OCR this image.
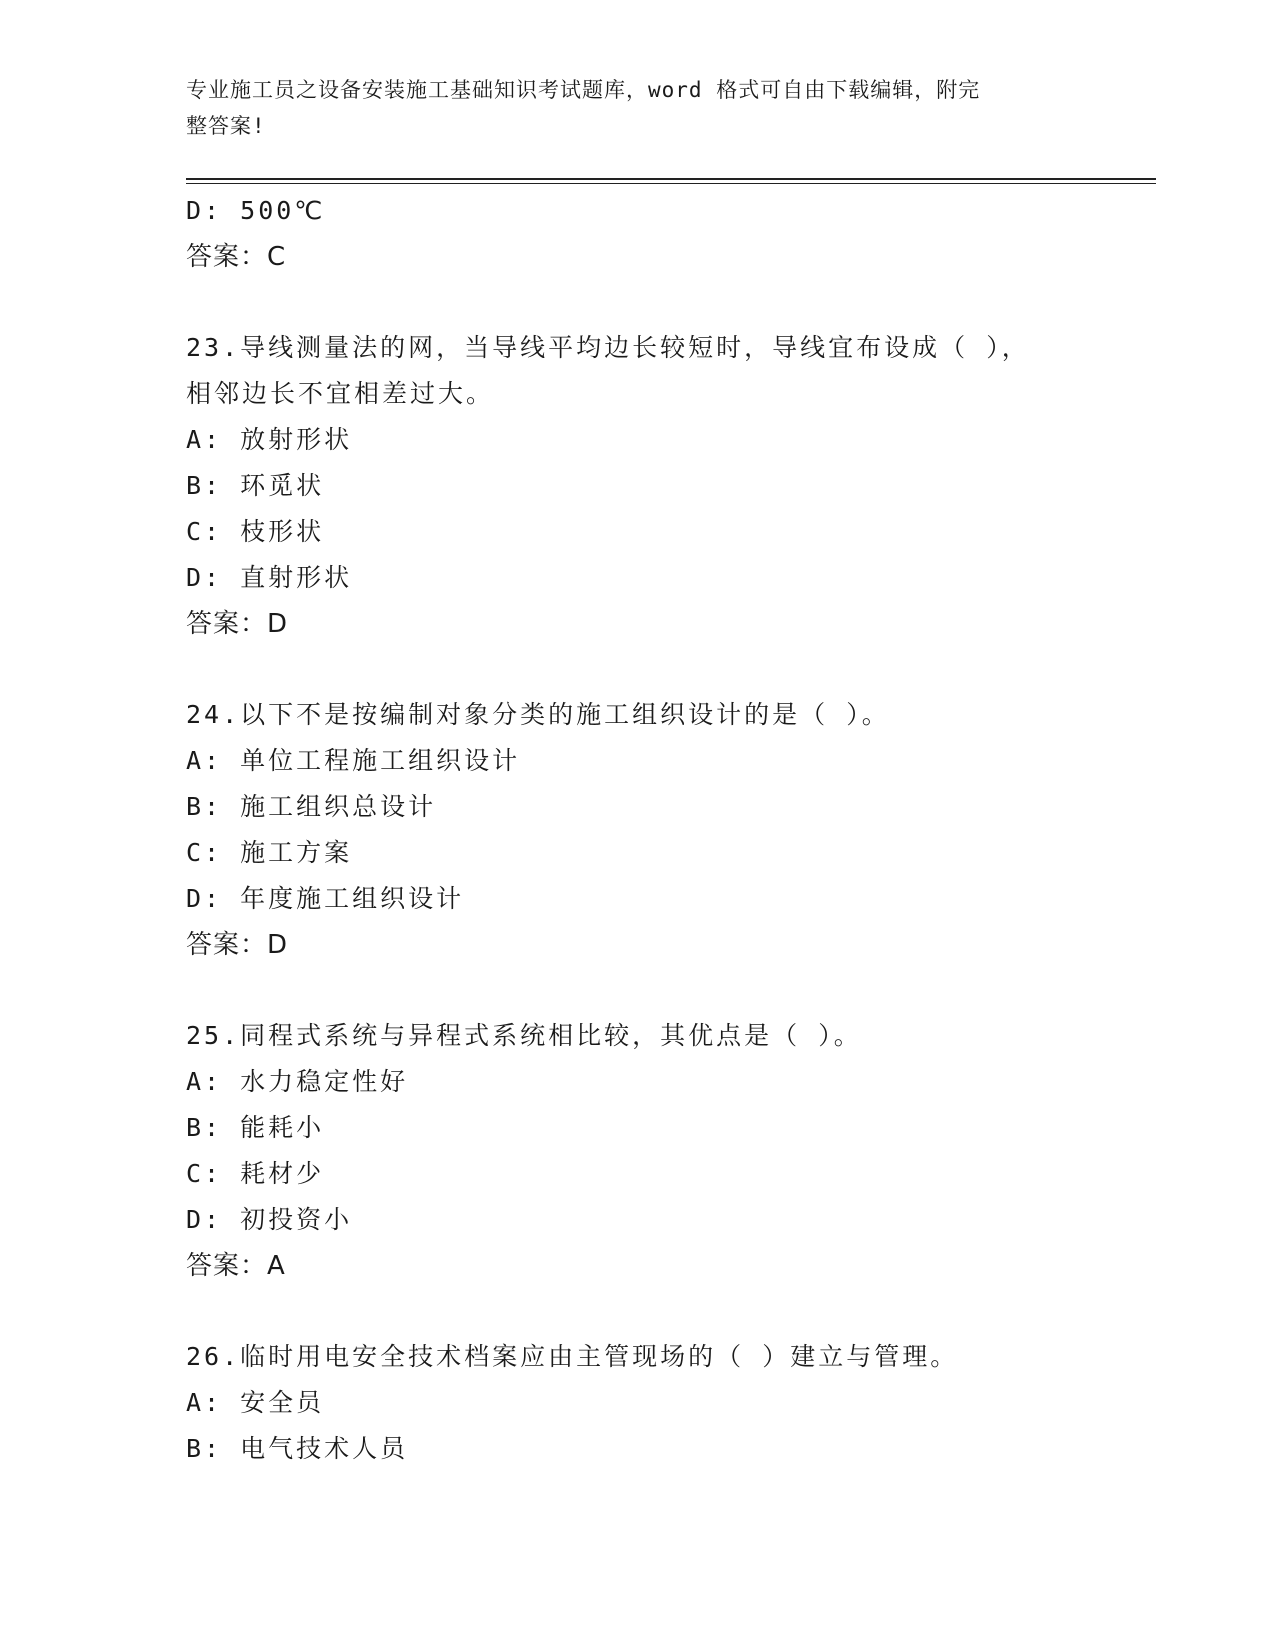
专业施工员之设备安装施工基础知识考试题库，word 格式可自由下载编辑，附完
整答案!
D: 500℃
答案：C
23.导线测量法的网，当导线平均边长较短时，导线宜布设成（ ），
相邻边长不宜相差过大。
A: 放射形状
B: 环觅状
C: 枝形状
D: 直射形状
答案：D
24.以下不是按编制对象分类的施工组织设计的是（ ）。
A: 单位工程施工组织设计
B: 施工组织总设计
C: 施工方案
D: 年度施工组织设计
答案：D
25.同程式系统与异程式系统相比较，其优点是（ ）。
A: 水力稳定性好
B: 能耗小
C: 耗材少
D: 初投资小
答案：A
26.临时用电安全技术档案应由主管现场的（ ）建立与管理。
A: 安全员
B: 电气技术人员
